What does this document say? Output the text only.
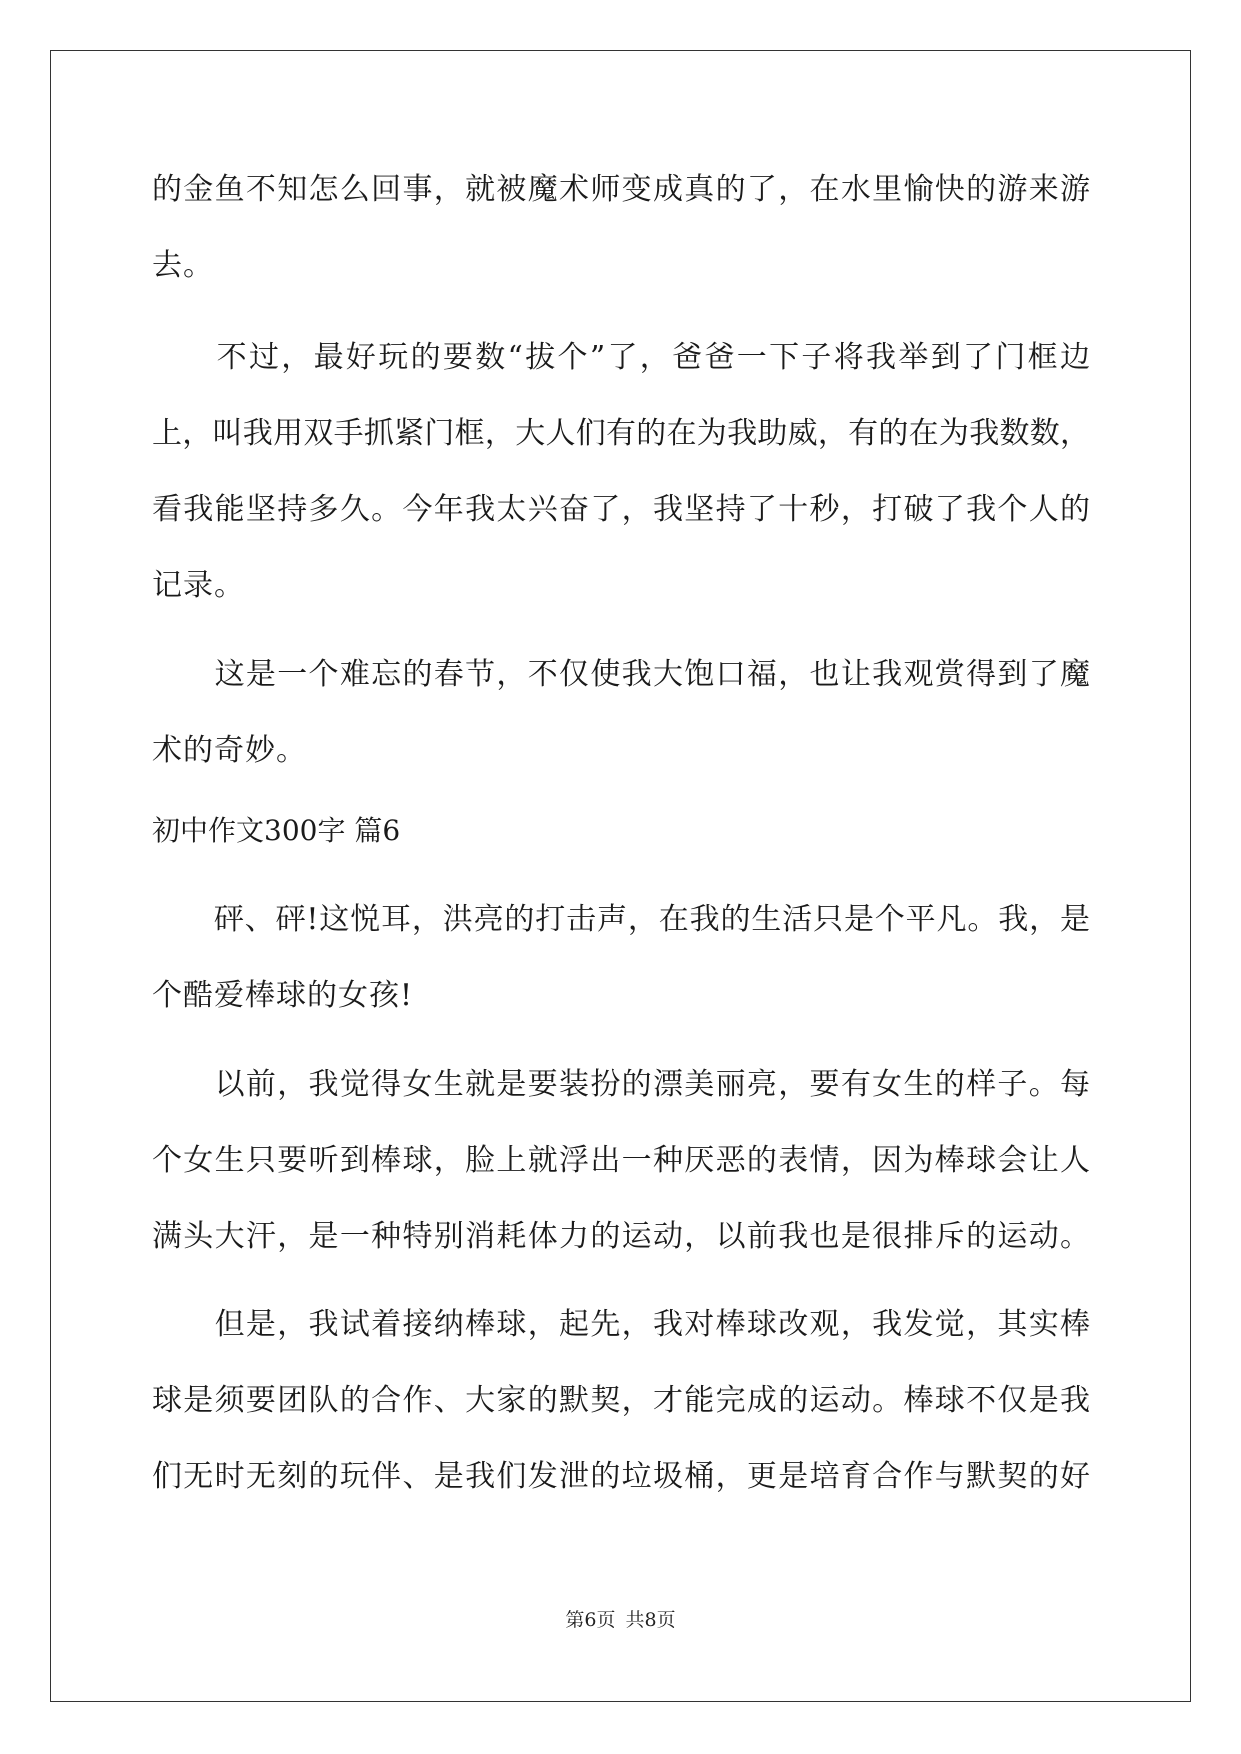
的金鱼不知怎么回事，就被魔术师变成真的了，在水里愉快的游来游
去。
　　不过，最好玩的要数“拔个”了，爸爸一下子将我举到了门框边
上，叫我用双手抓紧门框，大人们有的在为我助威，有的在为我数数，
看我能坚持多久。今年我太兴奋了，我坚持了十秒，打破了我个人的
记录。
　　这是一个难忘的春节，不仅使我大饱口福，也让我观赏得到了魔
术的奇妙。
初中作文300字 篇6
　　砰、砰!这悦耳，洪亮的打击声，在我的生活只是个平凡。我，是
个酷爱棒球的女孩!
　　以前，我觉得女生就是要装扮的漂美丽亮，要有女生的样子。每
个女生只要听到棒球，脸上就浮出一种厌恶的表情，因为棒球会让人
满头大汗，是一种特别消耗体力的运动，以前我也是很排斥的运动。
　　但是，我试着接纳棒球，起先，我对棒球改观，我发觉，其实棒
球是须要团队的合作、大家的默契，才能完成的运动。棒球不仅是我
们无时无刻的玩伴、是我们发泄的垃圾桶，更是培育合作与默契的好
第6页 共8页
